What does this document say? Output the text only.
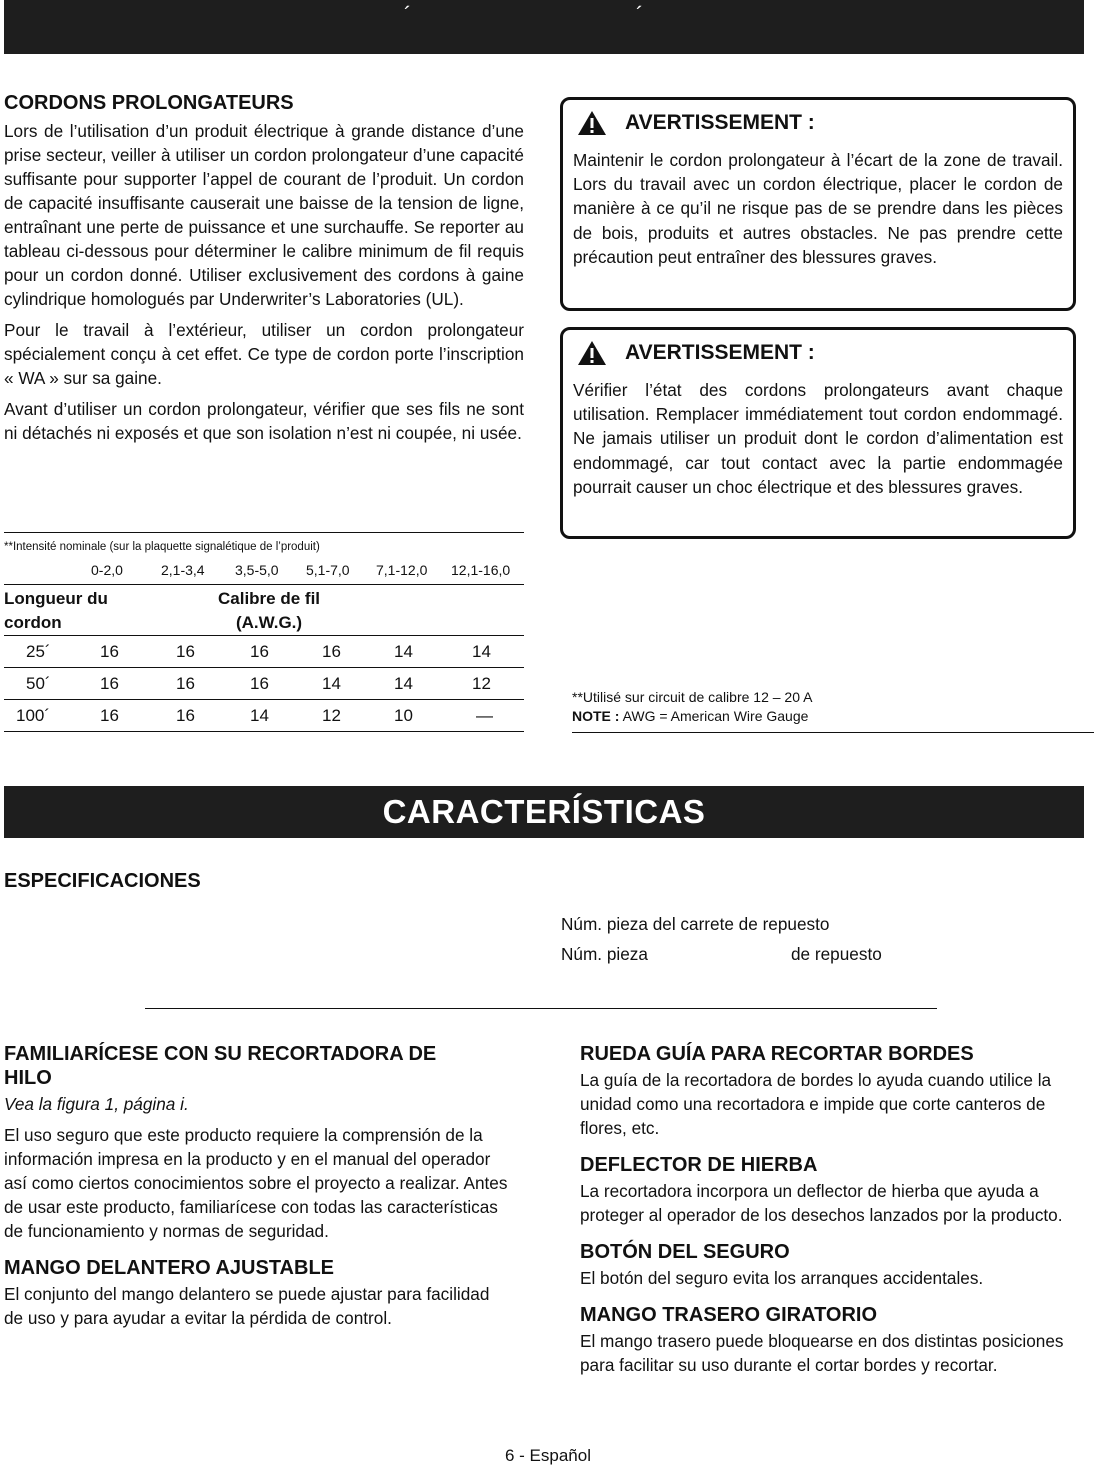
´	´
CORDONS PROLONGATEURS

Lors de l’utilisation d’un produit électrique à grande distance d’une prise secteur, veiller à utiliser un cordon prolongateur d’une capacité suffisante pour supporter l’appel de courant de l’produit. Un cordon de capacité insuffisante causerait une baisse de la tension de ligne, entraînant une perte de puissance et une surchauffe. Se reporter au tableau ci-dessous pour déterminer le calibre minimum de fil requis pour un cordon donné. Utiliser exclusivement des cordons à gaine cylindrique homologués par Underwriter’s Laboratories (UL).

Pour le travail à l’extérieur, utiliser un cordon prolongateur spécialement conçu à cet effet. Ce type de cordon porte l’inscription « WA » sur sa gaine.

Avant d’utiliser un cordon prolongateur, vérifier que ses fils ne sont ni détachés ni exposés et que son isolation n’est ni coupée, ni usée.

AVERTISSEMENT :

Maintenir le cordon prolongateur à l’écart de la zone de travail. Lors du travail avec un cordon électrique, placer le cordon de manière à ce qu’il ne risque pas de se prendre dans les pièces de bois, produits et autres obstacles. Ne pas prendre cette précaution peut entraîner des blessures graves.

AVERTISSEMENT :

Vérifier l’état des cordons prolongateurs avant chaque utilisation. Remplacer immédiatement tout cordon endommagé. Ne jamais utiliser un produit dont le cordon d’alimentation est endommagé, car tout contact avec la partie endommagée pourrait causer un choc électrique et des blessures graves.

**Intensité nominale (sur la plaquette signalétique de l’produit)
0-2,0	2,1-3,4 3,5-5,0 5,1-7,0 7,1-12,0 12,1-16,0
Longueur du
cordon
Calibre de fil
(A.W.G.)
25´	16	16	16	16	14	14
50´	16	16	16	14	14	12
100´	16	16	14	12	10	—
**Utilisé sur circuit de calibre 12 – 20 A
NOTE : AWG = American Wire Gauge
CARACTERÍSTICAS
ESPECIFICACIONES
Núm. pieza del carrete de repuesto
Núm. pieza	de repuesto
FAMILIARÍCESE CON SU RECORTADORA DE HILO
Vea la figura 1, página i.

El uso seguro que este producto requiere la comprensión de la información impresa en la producto y en el manual del operador así como ciertos conocimientos sobre el proyecto a realizar. Antes de usar este producto, familiarícese con todas las características de funcionamiento y normas de seguridad.

MANGO DELANTERO AJUSTABLE

El conjunto del mango delantero se puede ajustar para facilidad de uso y para ayudar a evitar la pérdida de control.

RUEDA GUÍA PARA RECORTAR BORDES

La guía de la recortadora de bordes lo ayuda cuando utilice la unidad como una recortadora e impide que corte canteros de flores, etc.

DEFLECTOR DE HIERBA

La recortadora incorpora un deflector de hierba que ayuda a proteger al operador de los desechos lanzados por la producto.

BOTÓN DEL SEGURO

El botón del seguro evita los arranques accidentales.

MANGO TRASERO GIRATORIO

El mango trasero puede bloquearse en dos distintas posiciones para facilitar su uso durante el cortar bordes y recortar.

6 - Español
